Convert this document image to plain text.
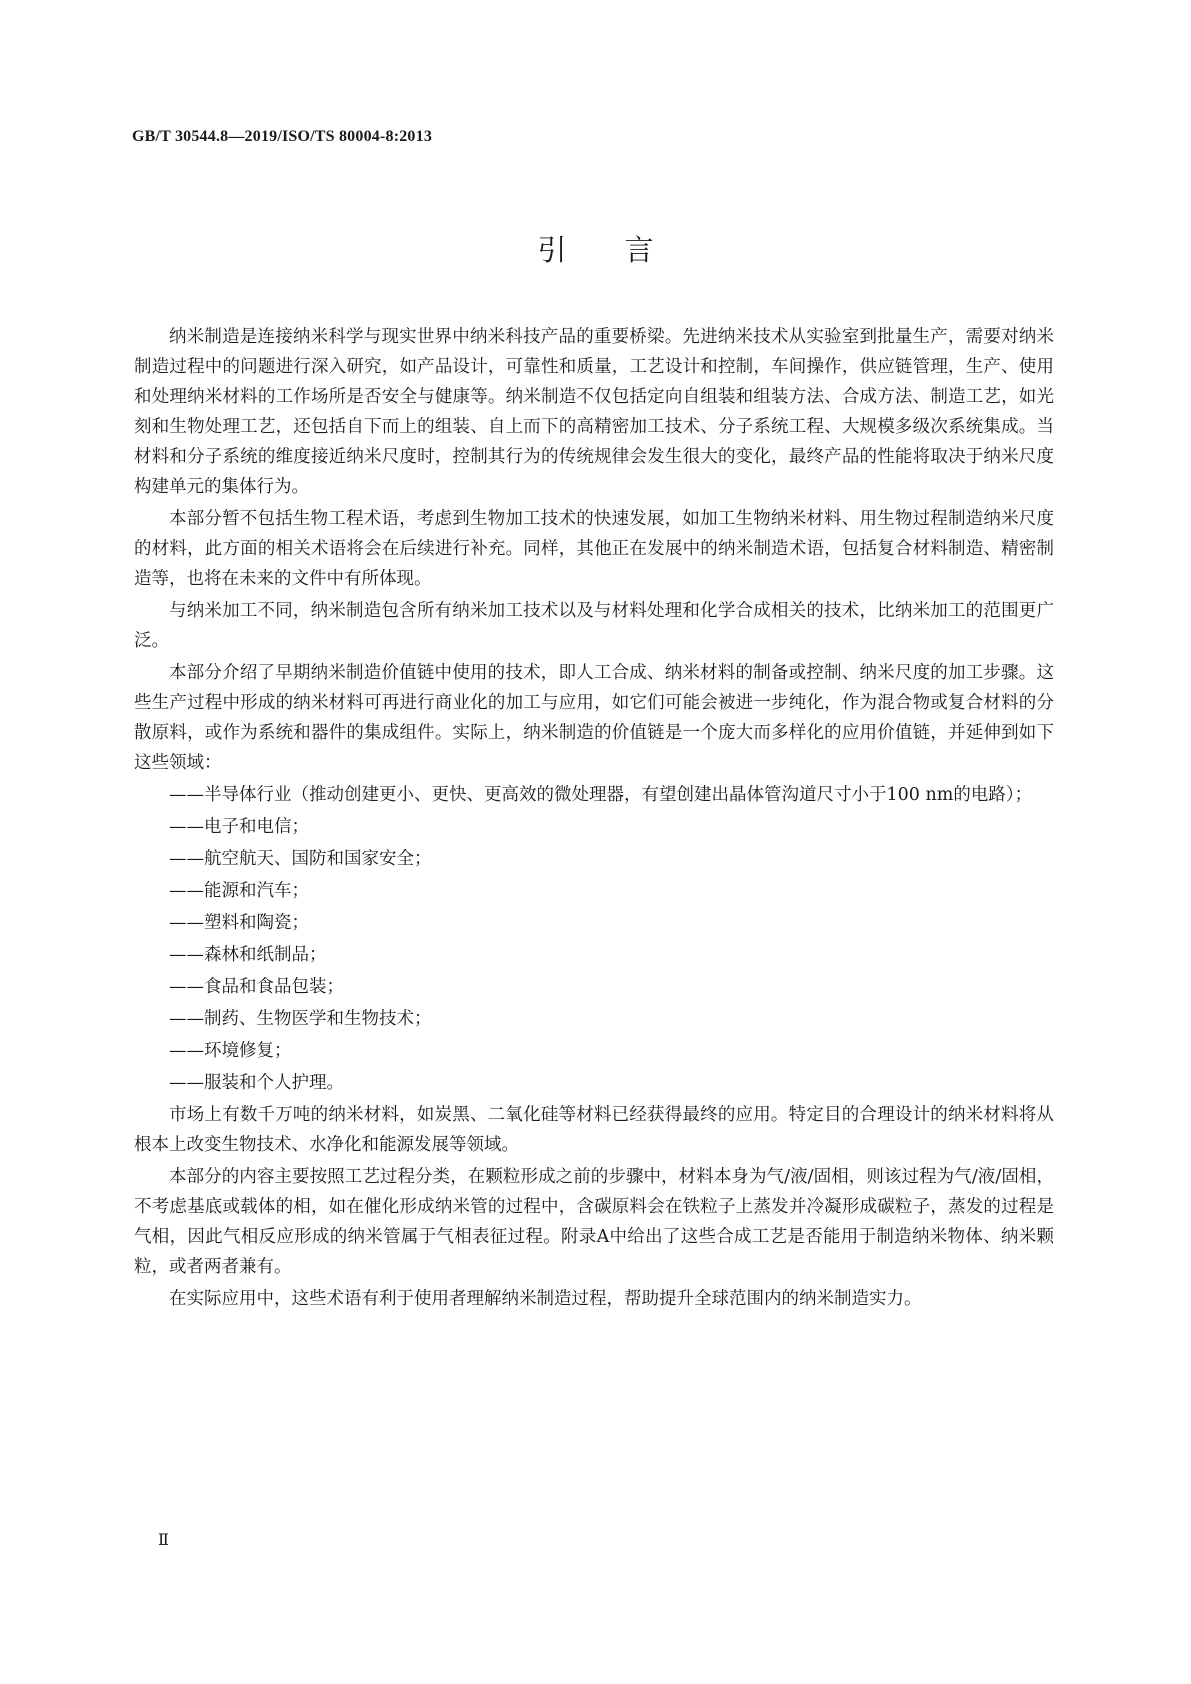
GB/T 30544.8—2019/ISO/TS 80004-8:2013
引言

纳米制造是连接纳米科学与现实世界中纳米科技产品的重要桥梁。先进纳米技术从实验室到批量生产，需要对纳米制造过程中的问题进行深入研究，如产品设计，可靠性和质量，工艺设计和控制，车间操作，供应链管理，生产、使用和处理纳米材料的工作场所是否安全与健康等。纳米制造不仅包括定向自组装和组装方法、合成方法、制造工艺，如光刻和生物处理工艺，还包括自下而上的组装、自上而下的高精密加工技术、分子系统工程、大规模多级次系统集成。当材料和分子系统的维度接近纳米尺度时，控制其行为的传统规律会发生很大的变化，最终产品的性能将取决于纳米尺度构建单元的集体行为。

本部分暂不包括生物工程术语，考虑到生物加工技术的快速发展，如加工生物纳米材料、用生物过程制造纳米尺度的材料，此方面的相关术语将会在后续进行补充。同样，其他正在发展中的纳米制造术语，包括复合材料制造、精密制造等，也将在未来的文件中有所体现。

与纳米加工不同，纳米制造包含所有纳米加工技术以及与材料处理和化学合成相关的技术，比纳米加工的范围更广泛。

本部分介绍了早期纳米制造价值链中使用的技术，即人工合成、纳米材料的制备或控制、纳米尺度的加工步骤。这些生产过程中形成的纳米材料可再进行商业化的加工与应用，如它们可能会被进一步纯化，作为混合物或复合材料的分散原料，或作为系统和器件的集成组件。实际上，纳米制造的价值链是一个庞大而多样化的应用价值链，并延伸到如下这些领域：

—— 半导体行业（推动创建更小、更快、更高效的微处理器，有望创建出晶体管沟道尺寸小于100 nm的电路）；
—— 电子和电信；
—— 航空航天、国防和国家安全；
—— 能源和汽车；
—— 塑料和陶瓷；
—— 森林和纸制品；
—— 食品和食品包装；
—— 制药、生物医学和生物技术；
—— 环境修复；
—— 服装和个人护理。

市场上有数千万吨的纳米材料，如炭黑、二氧化硅等材料已经获得最终的应用。特定目的合理设计的纳米材料将从根本上改变生物技术、水净化和能源发展等领域。

本部分的内容主要按照工艺过程分类，在颗粒形成之前的步骤中，材料本身为气/液/固相，则该过程为气/液/固相，不考虑基底或载体的相，如在催化形成纳米管的过程中，含碳原料会在铁粒子上蒸发并冷凝形成碳粒子，蒸发的过程是气相，因此气相反应形成的纳米管属于气相表征过程。附录A中给出了这些合成工艺是否能用于制造纳米物体、纳米颗粒，或者两者兼有。

在实际应用中，这些术语有利于使用者理解纳米制造过程，帮助提升全球范围内的纳米制造实力。

Ⅱ
